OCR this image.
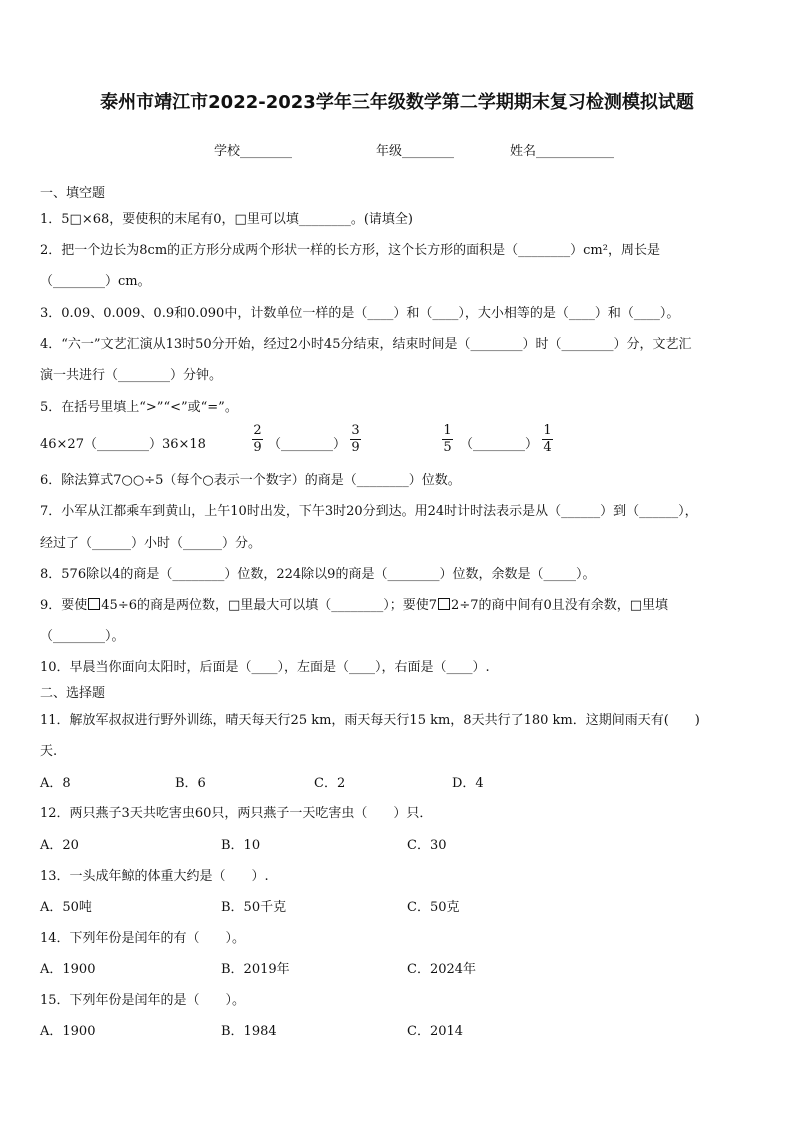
泰州市靖江市2022-2023学年三年级数学第二学期期末复习检测模拟试题
学校________	年级________	姓名____________
一、填空题
1．5□×68，要使积的末尾有0，□里可以填________。(请填全)
2．把一个边长为8cm的正方形分成两个形状一样的长方形，这个长方形的面积是（________）cm²，周长是
（________）cm。
3．0.09、0.009、0.9和0.090中，计数单位一样的是（____）和（____），大小相等的是（____）和（____）。
4．“六一”文艺汇演从13时50分开始，经过2小时45分结束，结束时间是（________）时（________）分，文艺汇
演一共进行（________）分钟。
5．在括号里填上“>”“<”或“=”。
46×27（________）36×18
2
9 （________）
3
9
1
5 （________）
1
4
6．除法算式7○○÷5（每个○表示一个数字）的商是（________）位数。
7．小军从江都乘车到黄山，上午10时出发，下午3时20分到达。用24时计时法表示是从（______）到（______），
经过了（______）小时（______）分。
8．576除以4的商是（________）位数，224除以9的商是（________）位数，余数是（_____）。
9．要使 45÷6的商是两位数，□里最大可以填（________）；要使7 2÷7的商中间有0且没有余数，□里填
（________）。
10．早晨当你面向太阳时，后面是（____），左面是（____），右面是（____）.
二、选择题
11．解放军叔叔进行野外训练，晴天每天行25 km，雨天每天行15 km，8天共行了180 km．这期间雨天有(　　)
天.
A．8	B．6	C．2	D．4
12．两只燕子3天共吃害虫60只，两只燕子一天吃害虫（　　）只．
A．20	B．10	C．30
13．一头成年鲸的体重大约是（　　）.
A．50吨	B．50千克	C．50克
14．下列年份是闰年的有（　　）。
A．1900	B．2019年	C．2024年
15．下列年份是闰年的是（　　）。
A．1900	B．1984	C．2014
